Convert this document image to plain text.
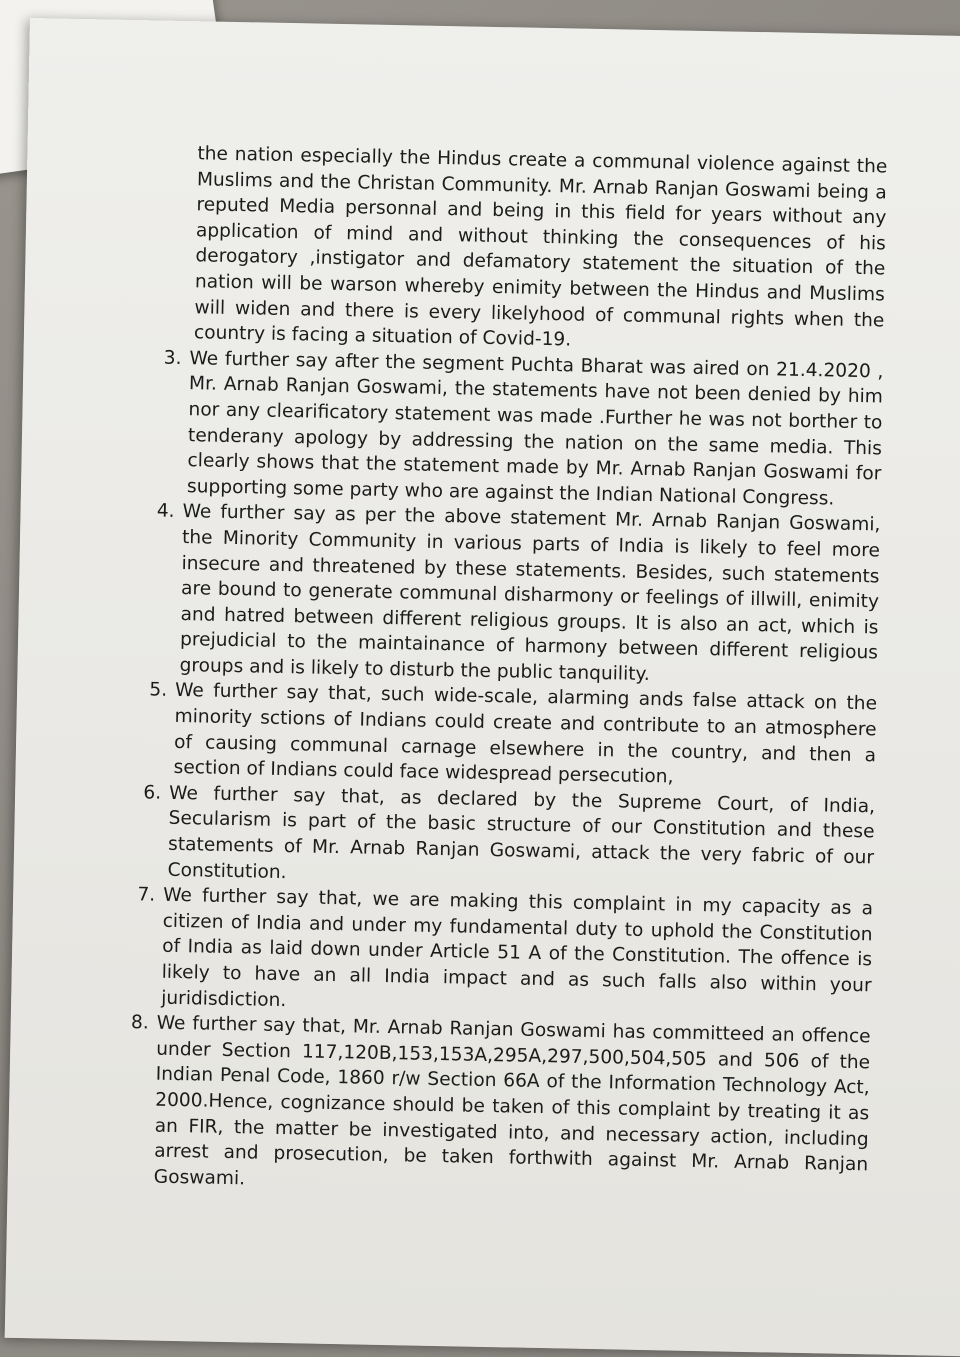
the nation especially the Hindus create a communal violence against the Muslims and the Christan Community. Mr. Arnab Ranjan Goswami being a reputed Media personnal and being in this field for years without any application of mind and without thinking the consequences of his derogatory ,instigator and defamatory statement the situation of the nation will be warson whereby enimity between the Hindus and Muslims will widen and there is every likelyhood of communal rights when the country is facing a situation of Covid-19.

3. We further say after the segment Puchta Bharat was aired on 21.4.2020 , Mr. Arnab Ranjan Goswami, the statements have not been denied by him nor any clearificatory statement was made .Further he was not borther to tenderany apology by addressing the nation on the same media. This clearly shows that the statement made by Mr. Arnab Ranjan Goswami for supporting some party who are against the Indian National Congress.

4. We further say as per the above statement Mr. Arnab Ranjan Goswami, the Minority Community in various parts of India is likely to feel more insecure and threatened by these statements. Besides, such statements are bound to generate communal disharmony or feelings of illwill, enimity and hatred between different religious groups. It is also an act, which is prejudicial to the maintainance of harmony between different religious groups and is likely to disturb the public tanquility.

5. We further say that, such wide-scale, alarming ands false attack on the minority sctions of Indians could create and contribute to an atmosphere of causing communal carnage elsewhere in the country, and then a section of Indians could face widespread persecution,

6. We further say that, as declared by the Supreme Court, of India, Secularism is part of the basic structure of our Constitution and these statements of Mr. Arnab Ranjan Goswami, attack the very fabric of our Constitution.

7. We further say that, we are making this complaint in my capacity as a citizen of India and under my fundamental duty to uphold the Constitution of India as laid down under Article 51 A of the Constitution. The offence is likely to have an all India impact and as such falls also within your juridisdiction.

8. We further say that, Mr. Arnab Ranjan Goswami has committeed an offence under Section 117,120B,153,153A,295A,297,500,504,505 and 506 of the Indian Penal Code, 1860 r/w Section 66A of the Information Technology Act, 2000.Hence, cognizance should be taken of this complaint by treating it as an FIR, the matter be investigated into, and necessary action, including arrest and prosecution, be taken forthwith against Mr. Arnab Ranjan Goswami.
